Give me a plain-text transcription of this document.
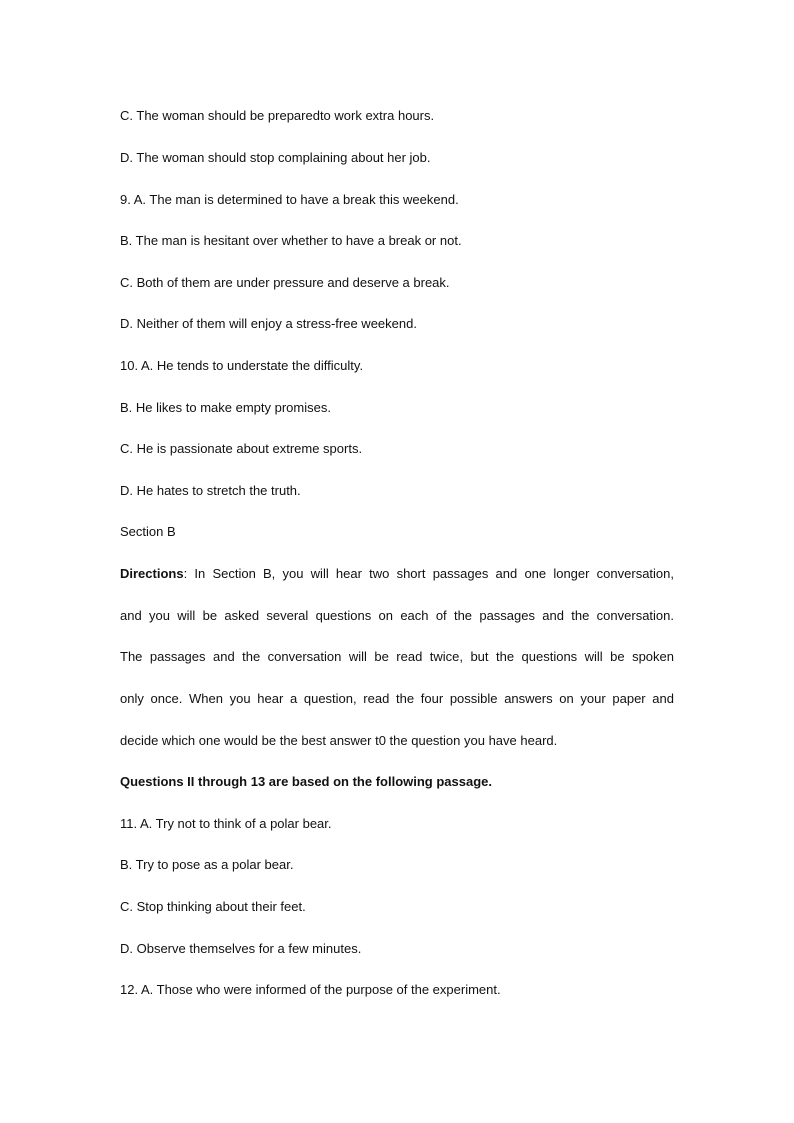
C. The woman should be preparedto work extra hours.
D. The woman should stop complaining about her job.
9. A. The man is determined to have a break this weekend.
B. The man is hesitant over whether to have a break or not.
C. Both of them are under pressure and deserve a break.
D. Neither of them will enjoy a stress-free weekend.
10. A. He tends to understate the difficulty.
B. He likes to make empty promises.
C. He is passionate about extreme sports.
D. He hates to stretch the truth.
Section B
Directions: In Section B, you will hear two short passages and one longer conversation,
and you will be asked several questions on each of the passages and the conversation.
The passages and the conversation will be read twice, but the questions will be spoken
only once. When you hear a question, read the four possible answers on your paper and
decide which one would be the best answer t0 the question you have heard.
Questions II through 13 are based on the following passage.
11. A. Try not to think of a polar bear.
B. Try to pose as a polar bear.
C. Stop thinking about their feet.
D. Observe themselves for a few minutes.
12. A. Those who were informed of the purpose of the experiment.
